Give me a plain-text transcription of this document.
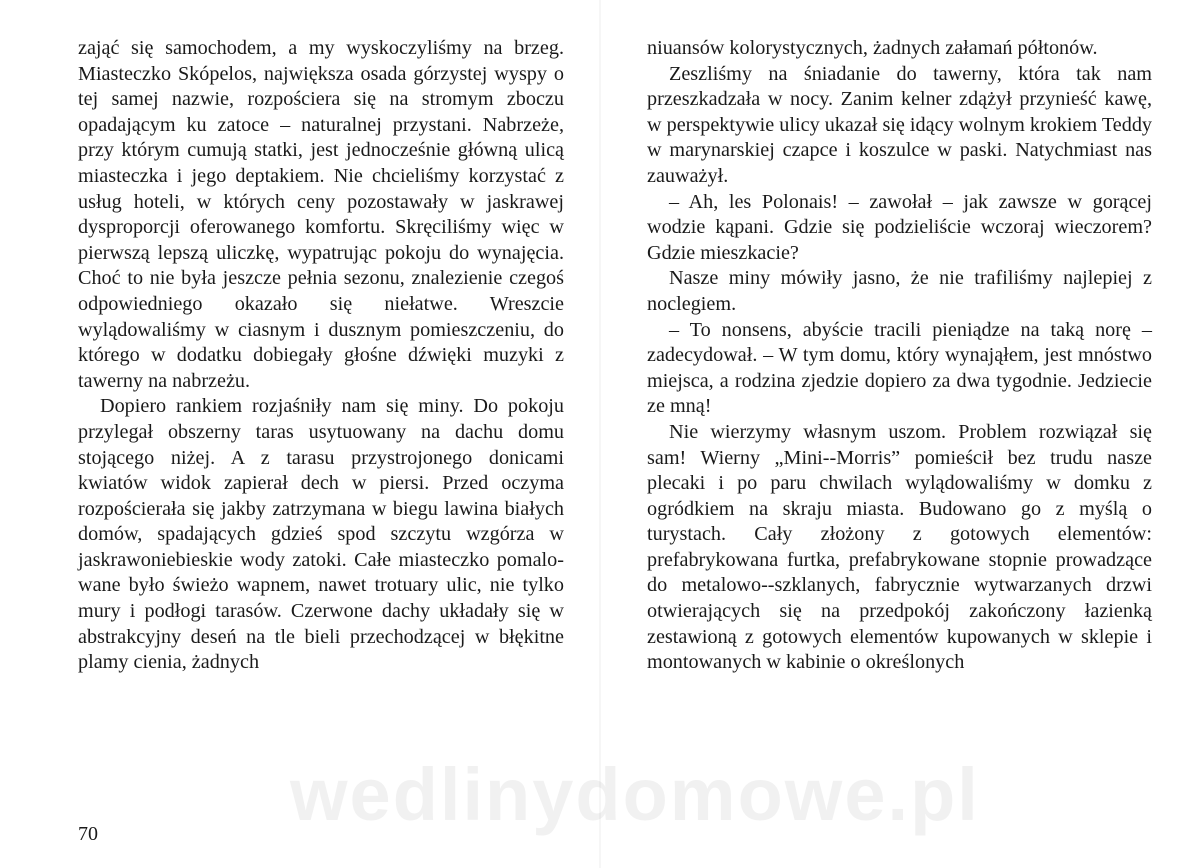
zająć się samochodem, a my wyskoczyliśmy na brzeg. Miasteczko Skópelos, największa osada górzystej wyspy o tej samej nazwie, rozpościera się na stromym zboczu opadającym ku zatoce – naturalnej przystani. Nabrzeże, przy którym cumują statki, jest jednocześnie główną ulicą miasteczka i jego deptakiem. Nie chcieliśmy korzystać z usług hoteli, w których ceny pozostawały w jaskrawej dysproporcji oferowanego komfortu. Skręciliśmy więc w pierwszą lepszą uliczkę, wypatrując pokoju do wynajęcia. Choć to nie była jeszcze pełnia sezonu, znalezienie czegoś odpowiedniego okazało się niełatwe. Wreszcie wylądowaliśmy w ciasnym i dusznym pomieszczeniu, do którego w dodatku dobiegały głośne dźwięki muzyki z tawerny na nabrzeżu.

Dopiero rankiem rozjaśniły nam się miny. Do pokoju przylegał obszerny taras usytuowany na dachu domu stojącego niżej. A z tarasu przystrojonego donicami kwiatów widok zapierał dech w piersi. Przed oczyma rozpościerała się jakby zatrzymana w biegu lawina białych domów, spadających gdzieś spod szczytu wzgórza w jaskrawoniebieskie wody zatoki. Całe miasteczko pomalowane było świeżo wapnem, nawet trotuary ulic, nie tylko mury i podłogi tarasów. Czerwone dachy układały się w abstrakcyjny deseń na tle bieli przechodzącej w błękitne plamy cienia, żadnych

70

niuansów kolorystycznych, żadnych załamań półtonów.

Zeszliśmy na śniadanie do tawerny, która tak nam przeszkadzała w nocy. Zanim kelner zdążył przynieść kawę, w perspektywie ulicy ukazał się idący wolnym krokiem Teddy w marynarskiej czapce i koszulce w paski. Natychmiast nas zauważył.

– Ah, les Polonais! – zawołał – jak zawsze w gorącej wodzie kąpani. Gdzie się podzieliście wczoraj wieczorem? Gdzie mieszkacie?

Nasze miny mówiły jasno, że nie trafiliśmy najlepiej z noclegiem.

– To nonsens, abyście tracili pieniądze na taką norę – zadecydował. – W tym domu, który wynająłem, jest mnóstwo miejsca, a rodzina zjedzie dopiero za dwa tygodnie. Jedziecie ze mną!

Nie wierzymy własnym uszom. Problem rozwiązał się sam! Wierny „Mini--Morris” pomieścił bez trudu nasze plecaki i po paru chwilach wylądowaliśmy w domku z ogródkiem na skraju miasta. Budowano go z myślą o turystach. Cały złożony z gotowych elementów: prefabrykowana furtka, prefabrykowane stopnie prowadzące do metalowo--szklanych, fabrycznie wytwarzanych drzwi otwierających się na przedpokój zakończony łazienką zestawioną z gotowych elementów kupowanych w sklepie i montowanych w kabinie o określonych

wedlinydomowe.pl
